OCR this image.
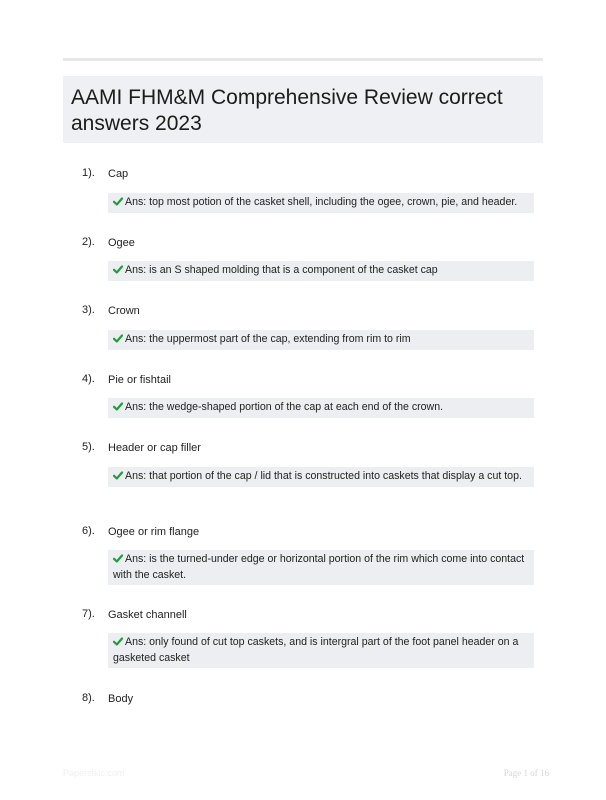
AAMI FHM&M Comprehensive Review correct answers 2023
1). Cap
Ans: top most potion of the casket shell, including the ogee, crown, pie, and header.
2). Ogee
Ans: is an S shaped molding that is a component of the casket cap
3). Crown
Ans: the uppermost part of the cap, extending from rim to rim
4). Pie or fishtail
Ans: the wedge-shaped portion of the cap at each end of the crown.
5). Header or cap filler
Ans: that portion of the cap / lid that is constructed into caskets that display a cut top.
6). Ogee or rim flange
Ans: is the turned-under edge or horizontal portion of the rim which come into contact with the casket.
7). Gasket channell
Ans: only found of cut top caskets, and is intergral part of the foot panel header on a gasketed casket
8). Body
Paperstkic.com	Page 1 of 16
